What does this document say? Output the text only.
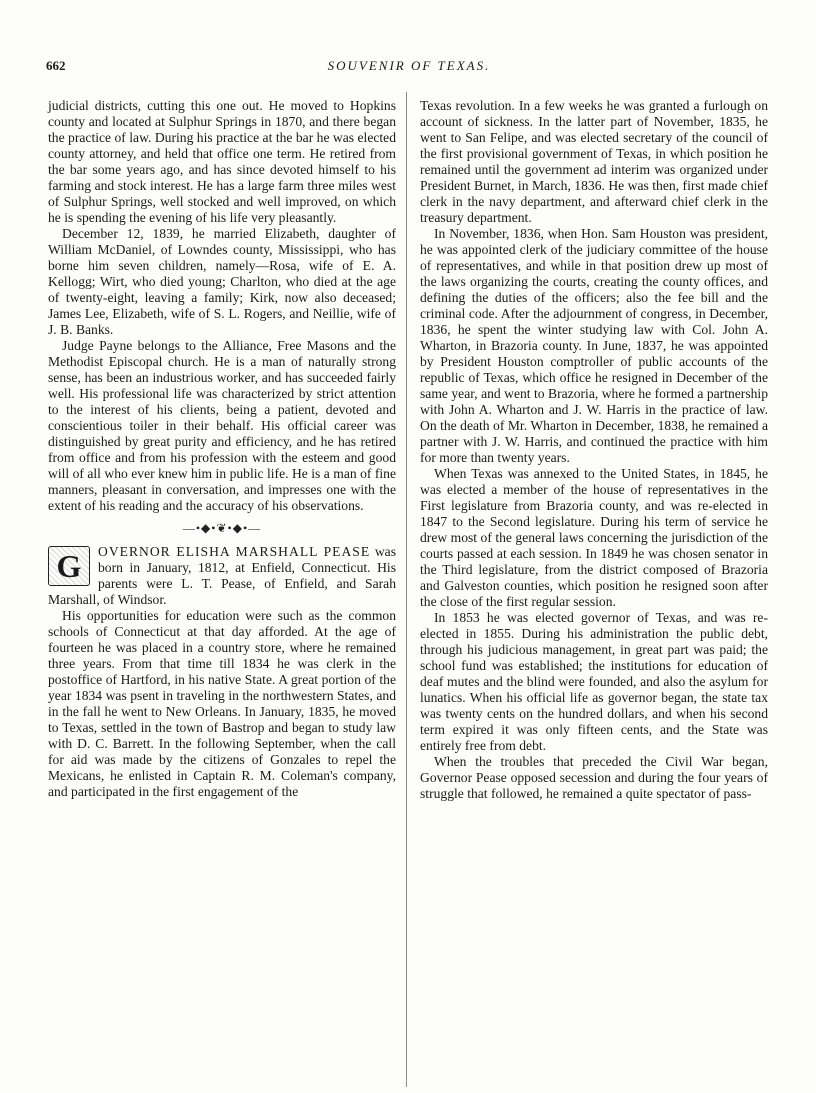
662	SOUVENIR OF TEXAS.

judicial districts, cutting this one out. He moved to Hopkins county and located at Sulphur Springs in 1870, and there began the practice of law. During his practice at the bar he was elected county attorney, and held that office one term. He retired from the bar some years ago, and has since devoted himself to his farming and stock interest. He has a large farm three miles west of Sulphur Springs, well stocked and well improved, on which he is spending the evening of his life very pleasantly.

December 12, 1839, he married Elizabeth, daughter of William McDaniel, of Lowndes county, Mississippi, who has borne him seven children, namely—Rosa, wife of E. A. Kellogg; Wirt, who died young; Charlton, who died at the age of twenty-eight, leaving a family; Kirk, now also deceased; James Lee, Elizabeth, wife of S. L. Rogers, and Neillie, wife of J. B. Banks.

Judge Payne belongs to the Alliance, Free Masons and the Methodist Episcopal church. He is a man of naturally strong sense, has been an industrious worker, and has succeeded fairly well. His professional life was characterized by strict attention to the interest of his clients, being a patient, devoted and conscientious toiler in their behalf. His official career was distinguished by great purity and efficiency, and he has retired from office and from his profession with the esteem and good will of all who ever knew him in public life. He is a man of fine manners, pleasant in conversation, and impresses one with the extent of his reading and the accuracy of his observations.

—•◆•❦•◆•—
G	OVERNOR ELISHA MARSHALL PEASE was born in January, 1812, at Enfield, Connecticut. His parents were L. T. Pease, of Enfield, and Sarah Marshall, of Windsor.

His opportunities for education were such as the common schools of Connecticut at that day afforded. At the age of fourteen he was placed in a country store, where he remained three years. From that time till 1834 he was clerk in the postoffice of Hartford, in his native State. A great portion of the year 1834 was psent in traveling in the northwestern States, and in the fall he went to New Orleans. In January, 1835, he moved to Texas, settled in the town of Bastrop and began to study law with D. C. Barrett. In the following September, when the call for aid was made by the citizens of Gonzales to repel the Mexicans, he enlisted in Captain R. M. Coleman's company, and participated in the first engagement of the

Texas revolution. In a few weeks he was granted a furlough on account of sickness. In the latter part of November, 1835, he went to San Felipe, and was elected secretary of the council of the first provisional government of Texas, in which position he remained until the government ad interim was organized under President Burnet, in March, 1836. He was then, first made chief clerk in the navy department, and afterward chief clerk in the treasury department.

In November, 1836, when Hon. Sam Houston was president, he was appointed clerk of the judiciary committee of the house of representatives, and while in that position drew up most of the laws organizing the courts, creating the county offices, and defining the duties of the officers; also the fee bill and the criminal code. After the adjournment of congress, in December, 1836, he spent the winter studying law with Col. John A. Wharton, in Brazoria county. In June, 1837, he was appointed by President Houston comptroller of public accounts of the republic of Texas, which office he resigned in December of the same year, and went to Brazoria, where he formed a partnership with John A. Wharton and J. W. Harris in the practice of law. On the death of Mr. Wharton in December, 1838, he remained a partner with J. W. Harris, and continued the practice with him for more than twenty years.

When Texas was annexed to the United States, in 1845, he was elected a member of the house of representatives in the First legislature from Brazoria county, and was re-elected in 1847 to the Second legislature. During his term of service he drew most of the general laws concerning the jurisdiction of the courts passed at each session. In 1849 he was chosen senator in the Third legislature, from the district composed of Brazoria and Galveston counties, which position he resigned soon after the close of the first regular session.

In 1853 he was elected governor of Texas, and was re-elected in 1855. During his administration the public debt, through his judicious management, in great part was paid; the school fund was established; the institutions for education of deaf mutes and the blind were founded, and also the asylum for lunatics. When his official life as governor began, the state tax was twenty cents on the hundred dollars, and when his second term expired it was only fifteen cents, and the State was entirely free from debt.

When the troubles that preceded the Civil War began, Governor Pease opposed secession and during the four years of struggle that followed, he remained a quite spectator of pass-
